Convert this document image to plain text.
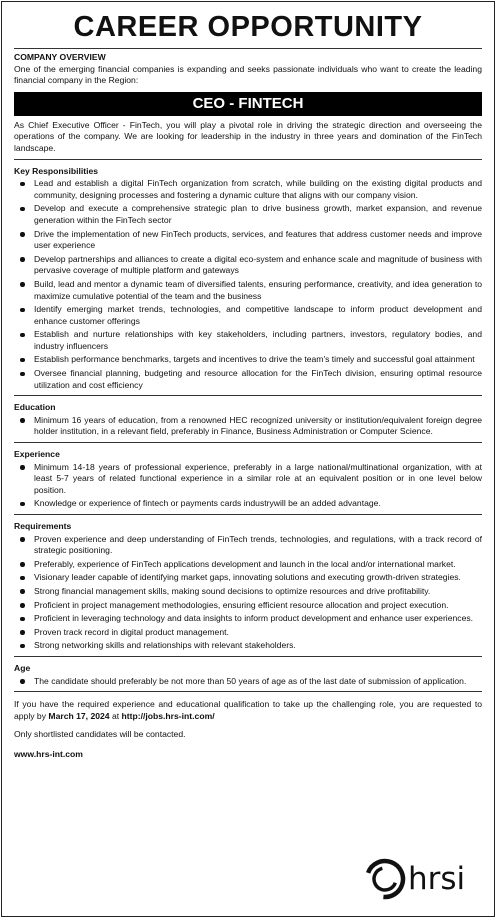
CAREER OPPORTUNITY
COMPANY OVERVIEW
One of the emerging financial companies is expanding and seeks passionate individuals who want to create the leading financial company in the Region:
CEO - FINTECH
As Chief Executive Officer - FinTech, you will play a pivotal role in driving the strategic direction and overseeing the operations of the company. We are looking for leadership in the industry in three years and domination of the FinTech landscape.
Key Responsibilities
Lead and establish a digital FinTech organization from scratch, while building on the existing digital products and community, designing processes and fostering a dynamic culture that aligns with our company vision.
Develop and execute a comprehensive strategic plan to drive business growth, market expansion, and revenue generation within the FinTech sector
Drive the implementation of new FinTech products, services, and features that address customer needs and improve user experience
Develop partnerships and alliances to create a digital eco-system and enhance scale and magnitude of business with pervasive coverage of multiple platform and gateways
Build, lead and mentor a dynamic team of diversified talents, ensuring performance, creativity, and idea generation to maximize cumulative potential of the team and the business
Identify emerging market trends, technologies, and competitive landscape to inform product development and enhance customer offerings
Establish and nurture relationships with key stakeholders, including partners, investors, regulatory bodies, and industry influencers
Establish performance benchmarks, targets and incentives to drive the team's timely and successful goal attainment
Oversee financial planning, budgeting and resource allocation for the FinTech division, ensuring optimal resource utilization and cost efficiency
Education
Minimum 16 years of education, from a renowned HEC recognized university or institution/equivalent foreign degree holder institution, in a relevant field, preferably in Finance, Business Administration or Computer Science.
Experience
Minimum 14-18 years of professional experience, preferably in a large national/multinational organization, with at least 5-7 years of related functional experience in a similar role at an equivalent position or in one level below position.
Knowledge or experience of fintech or payments cards industrywill be an added advantage.
Requirements
Proven experience and deep understanding of FinTech trends, technologies, and regulations, with a track record of strategic positioning.
Preferably, experience of FinTech applications development and launch in the local and/or international market.
Visionary leader capable of identifying market gaps, innovating solutions and executing growth-driven strategies.
Strong financial management skills, making sound decisions to optimize resources and drive profitability.
Proficient in project management methodologies, ensuring efficient resource allocation and project execution.
Proficient in leveraging technology and data insights to inform product development and enhance user experiences.
Proven track record in digital product management.
Strong networking skills and relationships with relevant stakeholders.
Age
The candidate should preferably be not more than 50 years of age as of the last date of submission of application.
If you have the required experience and educational qualification to take up the challenging role, you are requested to apply by March 17, 2024 at http://jobs.hrs-int.com/
Only shortlisted candidates will be contacted.
www.hrs-int.com
hrsi
